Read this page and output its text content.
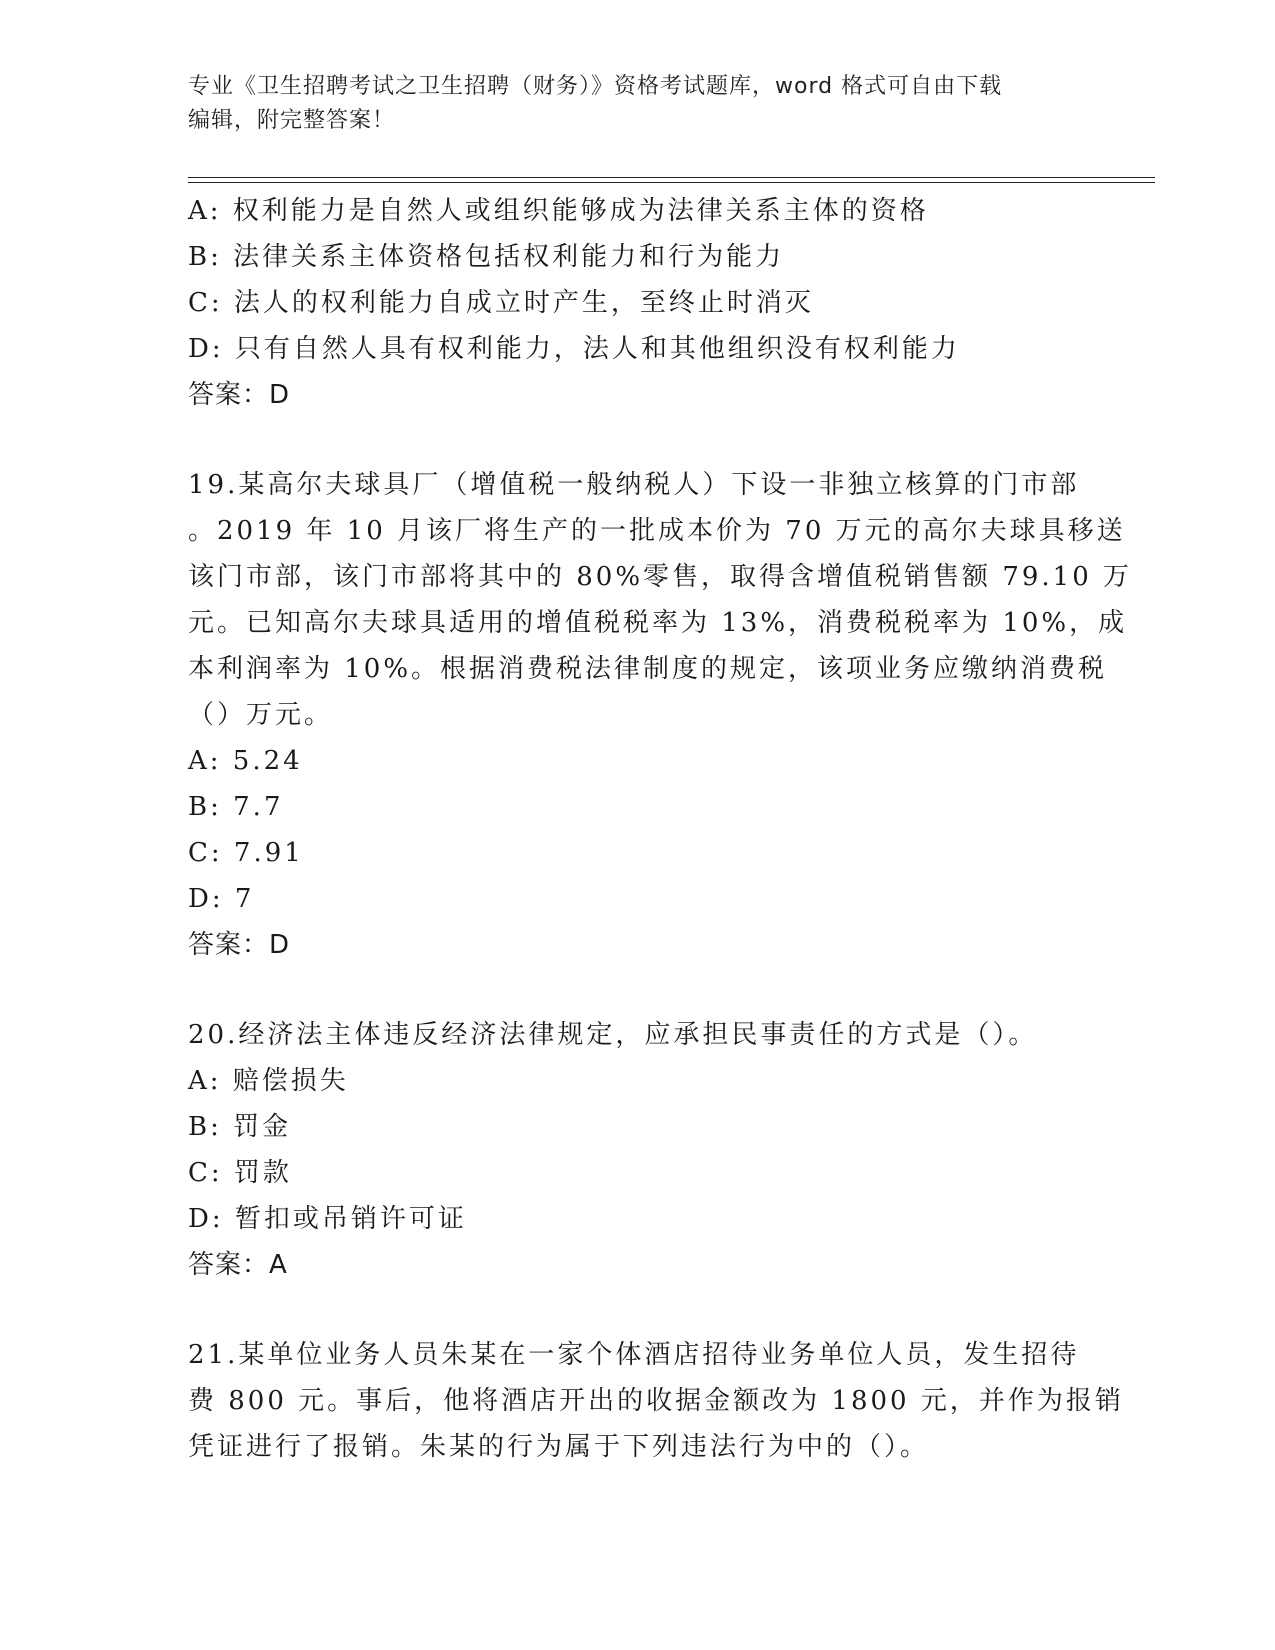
专业《卫生招聘考试之卫生招聘（财务）》资格考试题库，word 格式可自由下载
编辑，附完整答案！
A: 权利能力是自然人或组织能够成为法律关系主体的资格
B: 法律关系主体资格包括权利能力和行为能力
C: 法人的权利能力自成立时产生，至终止时消灭
D: 只有自然人具有权利能力，法人和其他组织没有权利能力
答案：D
19.某高尔夫球具厂（增值税一般纳税人）下设一非独立核算的门市部
。2019 年 10 月该厂将生产的一批成本价为 70 万元的高尔夫球具移送
该门市部，该门市部将其中的 80%零售，取得含增值税销售额 79.10 万
元。已知高尔夫球具适用的增值税税率为 13%，消费税税率为 10%，成
本利润率为 10%。根据消费税法律制度的规定，该项业务应缴纳消费税
（）万元。
A: 5.24
B: 7.7
C: 7.91
D: 7
答案：D
20.经济法主体违反经济法律规定，应承担民事责任的方式是（）。
A: 赔偿损失
B: 罚金
C: 罚款
D: 暂扣或吊销许可证
答案：A
21.某单位业务人员朱某在一家个体酒店招待业务单位人员，发生招待
费 800 元。事后，他将酒店开出的收据金额改为 1800 元，并作为报销
凭证进行了报销。朱某的行为属于下列违法行为中的（）。
